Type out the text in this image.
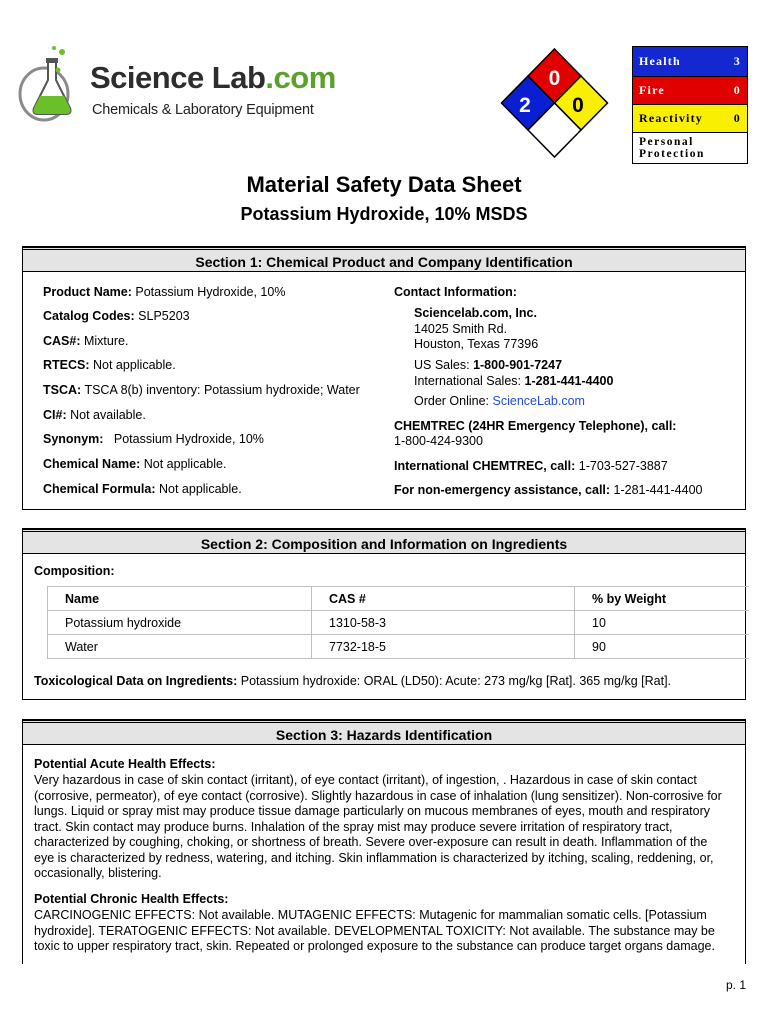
Science Lab.com
Chemicals & Laboratory Equipment
0
2 0
Health	3
Fire	0
Reactivity	0
Personal Protection
Material Safety Data Sheet
Potassium Hydroxide, 10% MSDS
Section 1: Chemical Product and Company Identification
Product Name: Potassium Hydroxide, 10%
Catalog Codes: SLP5203
CAS#: Mixture.
RTECS: Not applicable.
TSCA: TSCA 8(b) inventory: Potassium hydroxide; Water
CI#: Not available.
Synonym:   Potassium Hydroxide, 10%
Chemical Name: Not applicable.
Chemical Formula: Not applicable.
Contact Information:
Sciencelab.com, Inc.
14025 Smith Rd.
Houston, Texas 77396
US Sales: 1-800-901-7247
International Sales: 1-281-441-4400
Order Online: ScienceLab.com
CHEMTREC (24HR Emergency Telephone), call:
1-800-424-9300
International CHEMTREC, call: 1-703-527-3887
For non-emergency assistance, call: 1-281-441-4400
Section 2: Composition and Information on Ingredients
Composition:
Name	CAS #	% by Weight
Potassium hydroxide	1310-58-3	10
Water	7732-18-5	90
Toxicological Data on Ingredients: Potassium hydroxide: ORAL (LD50): Acute: 273 mg/kg [Rat]. 365 mg/kg [Rat].
Section 3: Hazards Identification
Potential Acute Health Effects:
Very hazardous in case of skin contact (irritant), of eye contact (irritant), of ingestion, . Hazardous in case of skin contact
(corrosive, permeator), of eye contact (corrosive). Slightly hazardous in case of inhalation (lung sensitizer). Non-corrosive for
lungs. Liquid or spray mist may produce tissue damage particularly on mucous membranes of eyes, mouth and respiratory
tract. Skin contact may produce burns. Inhalation of the spray mist may produce severe irritation of respiratory tract,
characterized by coughing, choking, or shortness of breath. Severe over-exposure can result in death. Inflammation of the
eye is characterized by redness, watering, and itching. Skin inflammation is characterized by itching, scaling, reddening, or,
occasionally, blistering.
Potential Chronic Health Effects:
CARCINOGENIC EFFECTS: Not available. MUTAGENIC EFFECTS: Mutagenic for mammalian somatic cells. [Potassium
hydroxide]. TERATOGENIC EFFECTS: Not available. DEVELOPMENTAL TOXICITY: Not available. The substance may be
toxic to upper respiratory tract, skin. Repeated or prolonged exposure to the substance can produce target organs damage.
p. 1
